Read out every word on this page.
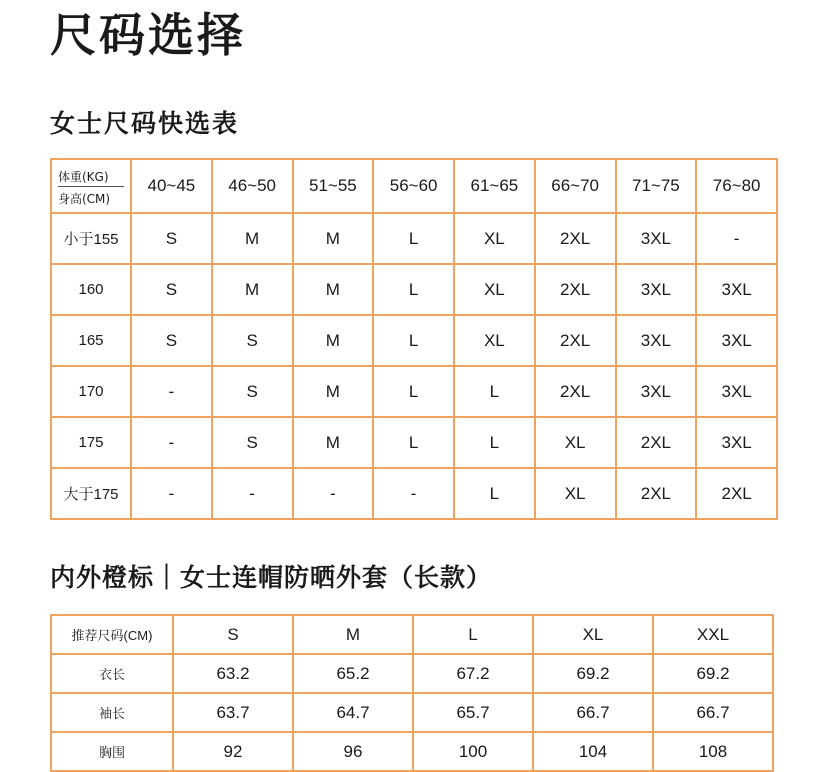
尺码选择
女士尺码快选表
体重(KG)
身高(CM)	40~45	46~50	51~55	56~60	61~65	66~70	71~75	76~80
小于155	S	M	M	L	XL	2XL	3XL	-
160	S	M	M	L	XL	2XL	3XL	3XL
165	S	S	M	L	XL	2XL	3XL	3XL
170	-	S	M	L	L	2XL	3XL	3XL
175	-	S	M	L	L	XL	2XL	3XL
大于175	-	-	-	-	L	XL	2XL	2XL
内外橙标｜女士连帽防晒外套（长款）
推荐尺码(CM)	S	M	L	XL	XXL
衣长	63.2	65.2	67.2	69.2	69.2
袖长	63.7	64.7	65.7	66.7	66.7
胸围	92	96	100	104	108
